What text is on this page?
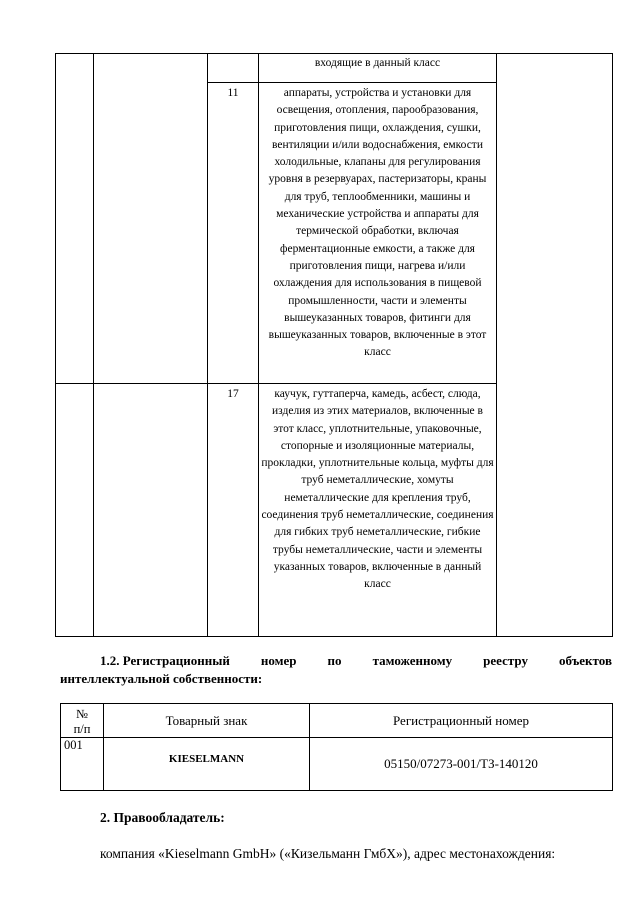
			входящие в данный класс	
		11	аппараты, устройства и установки для освещения, отопления, парообразования, приготовления пищи, охлаждения, сушки, вентиляции и/или водоснабжения, емкости холодильные, клапаны для регулирования уровня в резервуарах, пастеризаторы, краны для труб, теплообменники, машины и механические устройства и аппараты для термической обработки, включая ферментационные емкости, а также для приготовления пищи, нагрева и/или охлаждения для использования в пищевой промышленности, части и элементы вышеуказанных товаров, фитинги для вышеуказанных товаров, включенные в этот класс	
		17	каучук, гуттаперча, камедь, асбест, слюда, изделия из этих материалов, включенные в этот класс, уплотнительные, упаковочные, стопорные и изоляционные материалы, прокладки, уплотнительные кольца, муфты для труб неметаллические, хомуты неметаллические для крепления труб, соединения труб неметаллические, соединения для гибких труб неметаллические, гибкие трубы неметаллические, части и элементы указанных товаров, включенные в данный класс	
1.2. Регистрационный номер по таможенному реестру объектов
интеллектуальной собственности:
№
п/п	Товарный знак	Регистрационный номер
001	KIESELMANN	05150/07273-001/ТЗ-140120
2. Правообладатель:
компания «Kieselmann GmbH» («Кизельманн ГмбХ»), адрес местонахождения:
